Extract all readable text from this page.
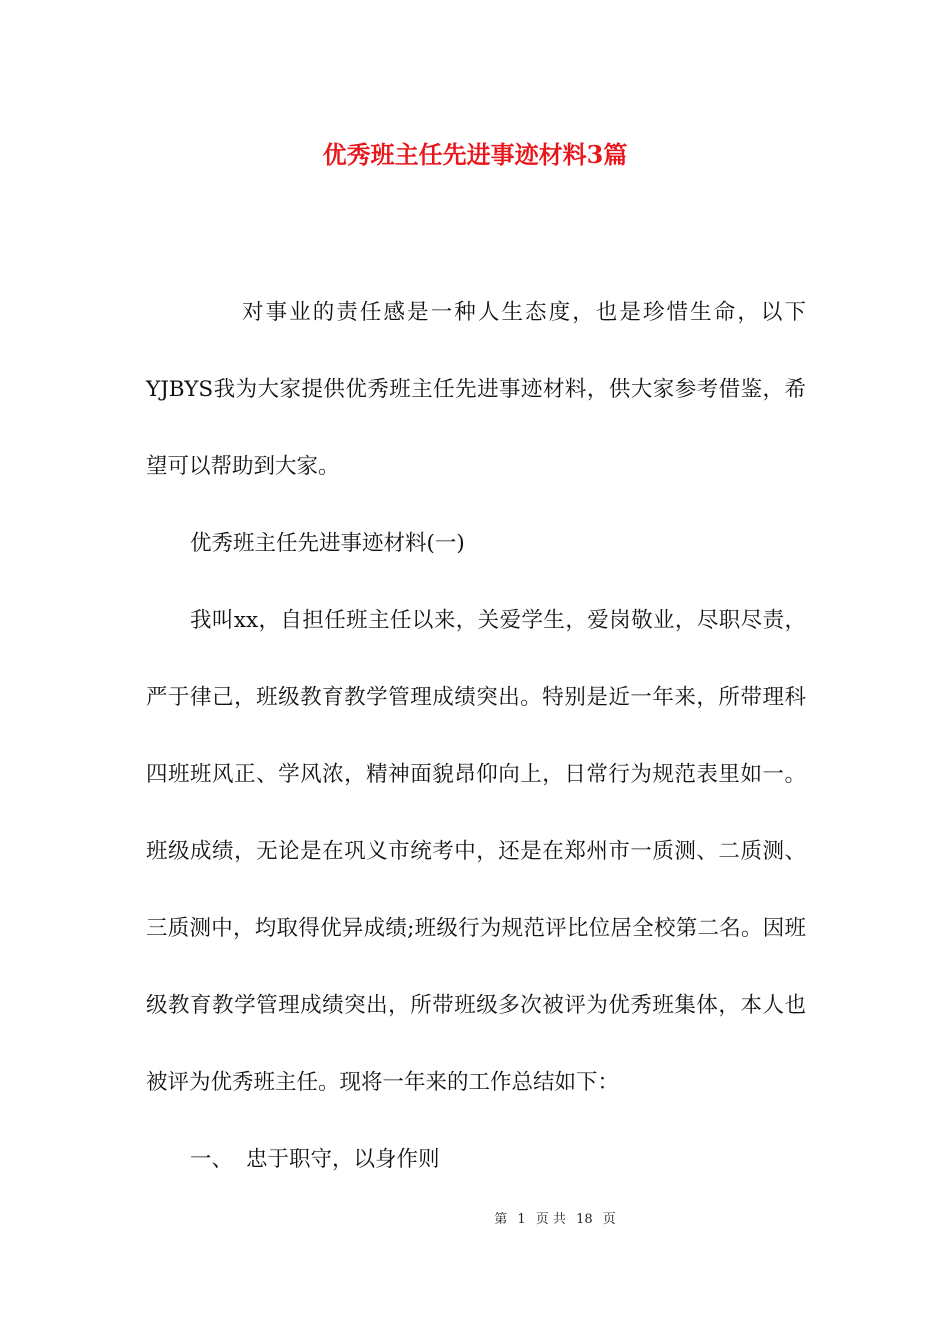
优秀班主任先进事迹材料3篇

对事业的责任感是一种人生态度，也是珍惜生命，以下YJBYS我为大家提供优秀班主任先进事迹材料，供大家参考借鉴，希望可以帮助到大家。

优秀班主任先进事迹材料(一)

我叫xx，自担任班主任以来，关爱学生，爱岗敬业，尽职尽责，严于律己，班级教育教学管理成绩突出。特别是近一年来，所带理科四班班风正、学风浓，精神面貌昂仰向上，日常行为规范表里如一。班级成绩，无论是在巩义市统考中，还是在郑州市一质测、二质测、三质测中，均取得优异成绩;班级行为规范评比位居全校第二名。因班级教育教学管理成绩突出，所带班级多次被评为优秀班集体，本人也被评为优秀班主任。现将一年来的工作总结如下：

一、 忠于职守，以身作则

第 1 页 共 18 页
